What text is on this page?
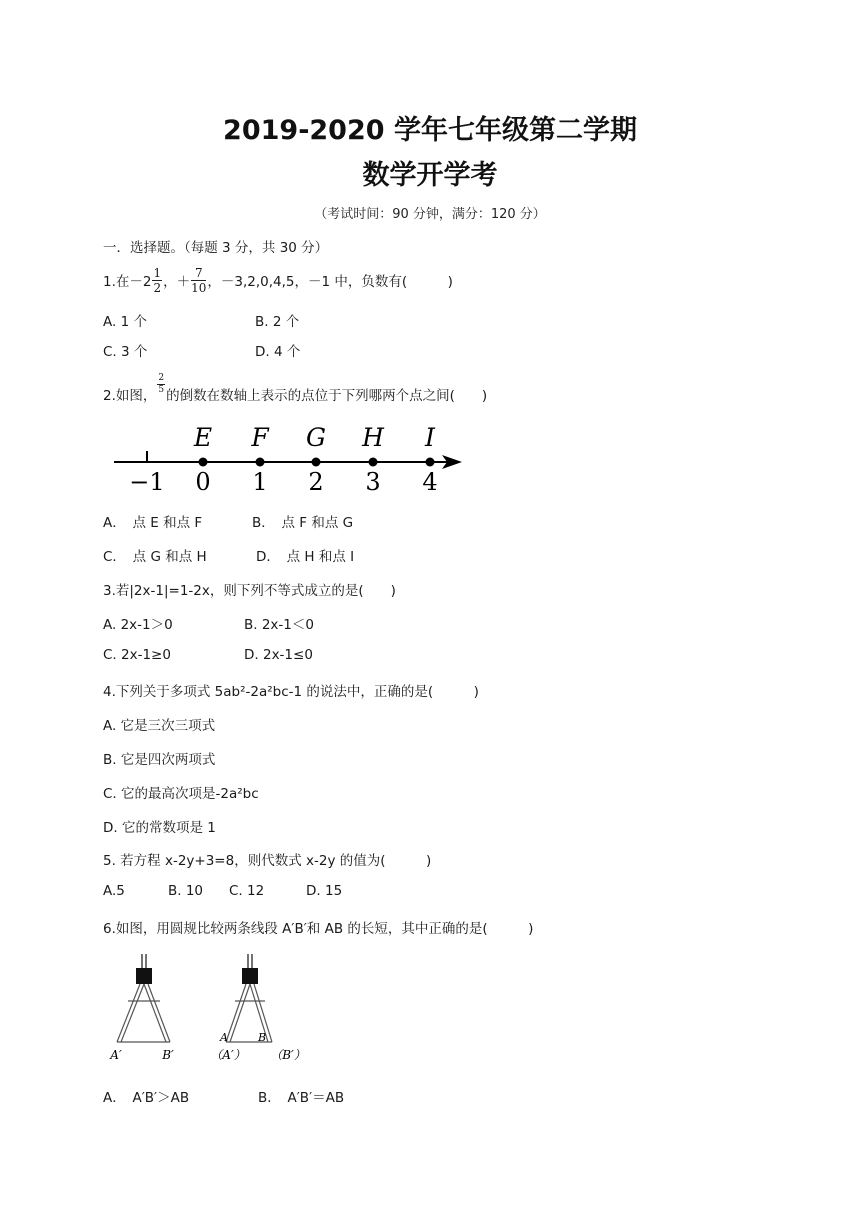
2019-2020 学年七年级第二学期
数学开学考
（考试时间：90 分钟，满分：120 分）
一．选择题。（每题 3 分，共 30 分）
1.在$-2 \frac{1}{2}$ ，＋ $\frac{7}{10}$ ，－3,2,0,4,5，－1 中，负数有(　　　)
A. 1 个	B. 2 个
C. 3 个	D. 4 个
2.如图，
$\frac{2}{5}$
的倒数在数轴上表示的点位于下列哪两个点之间(　　)
E F G H I
−1 0 1 2 3 4
A．　点 E 和点 F	B．　点 F 和点 G
C．　点 G 和点 H	D．　点 H 和点 I
3.若|2x-1|=1-2x，则下列不等式成立的是(　　)
A. 2x-1＞0	B. 2x-1＜0
C. 2x-1≥0	D. 2x-1≤0
4.下列关于多项式 5ab²-2a²bc-1 的说法中，正确的是(　　　)
A. 它是三次三项式
B. 它是四次两项式
C. 它的最高次项是-2a²bc
D. 它的常数项是 1
5. 若方程 x-2y+3=8，则代数式 x-2y 的值为(　　　)
A.5	B. 10 C. 12	D. 15
6.如图，用圆规比较两条线段 A′B′和 AB 的长短，其中正确的是(　　　)
A′	B′
A	B
（A′） （B′）
A．　A′B′＞AB	B．　A′B′＝AB
